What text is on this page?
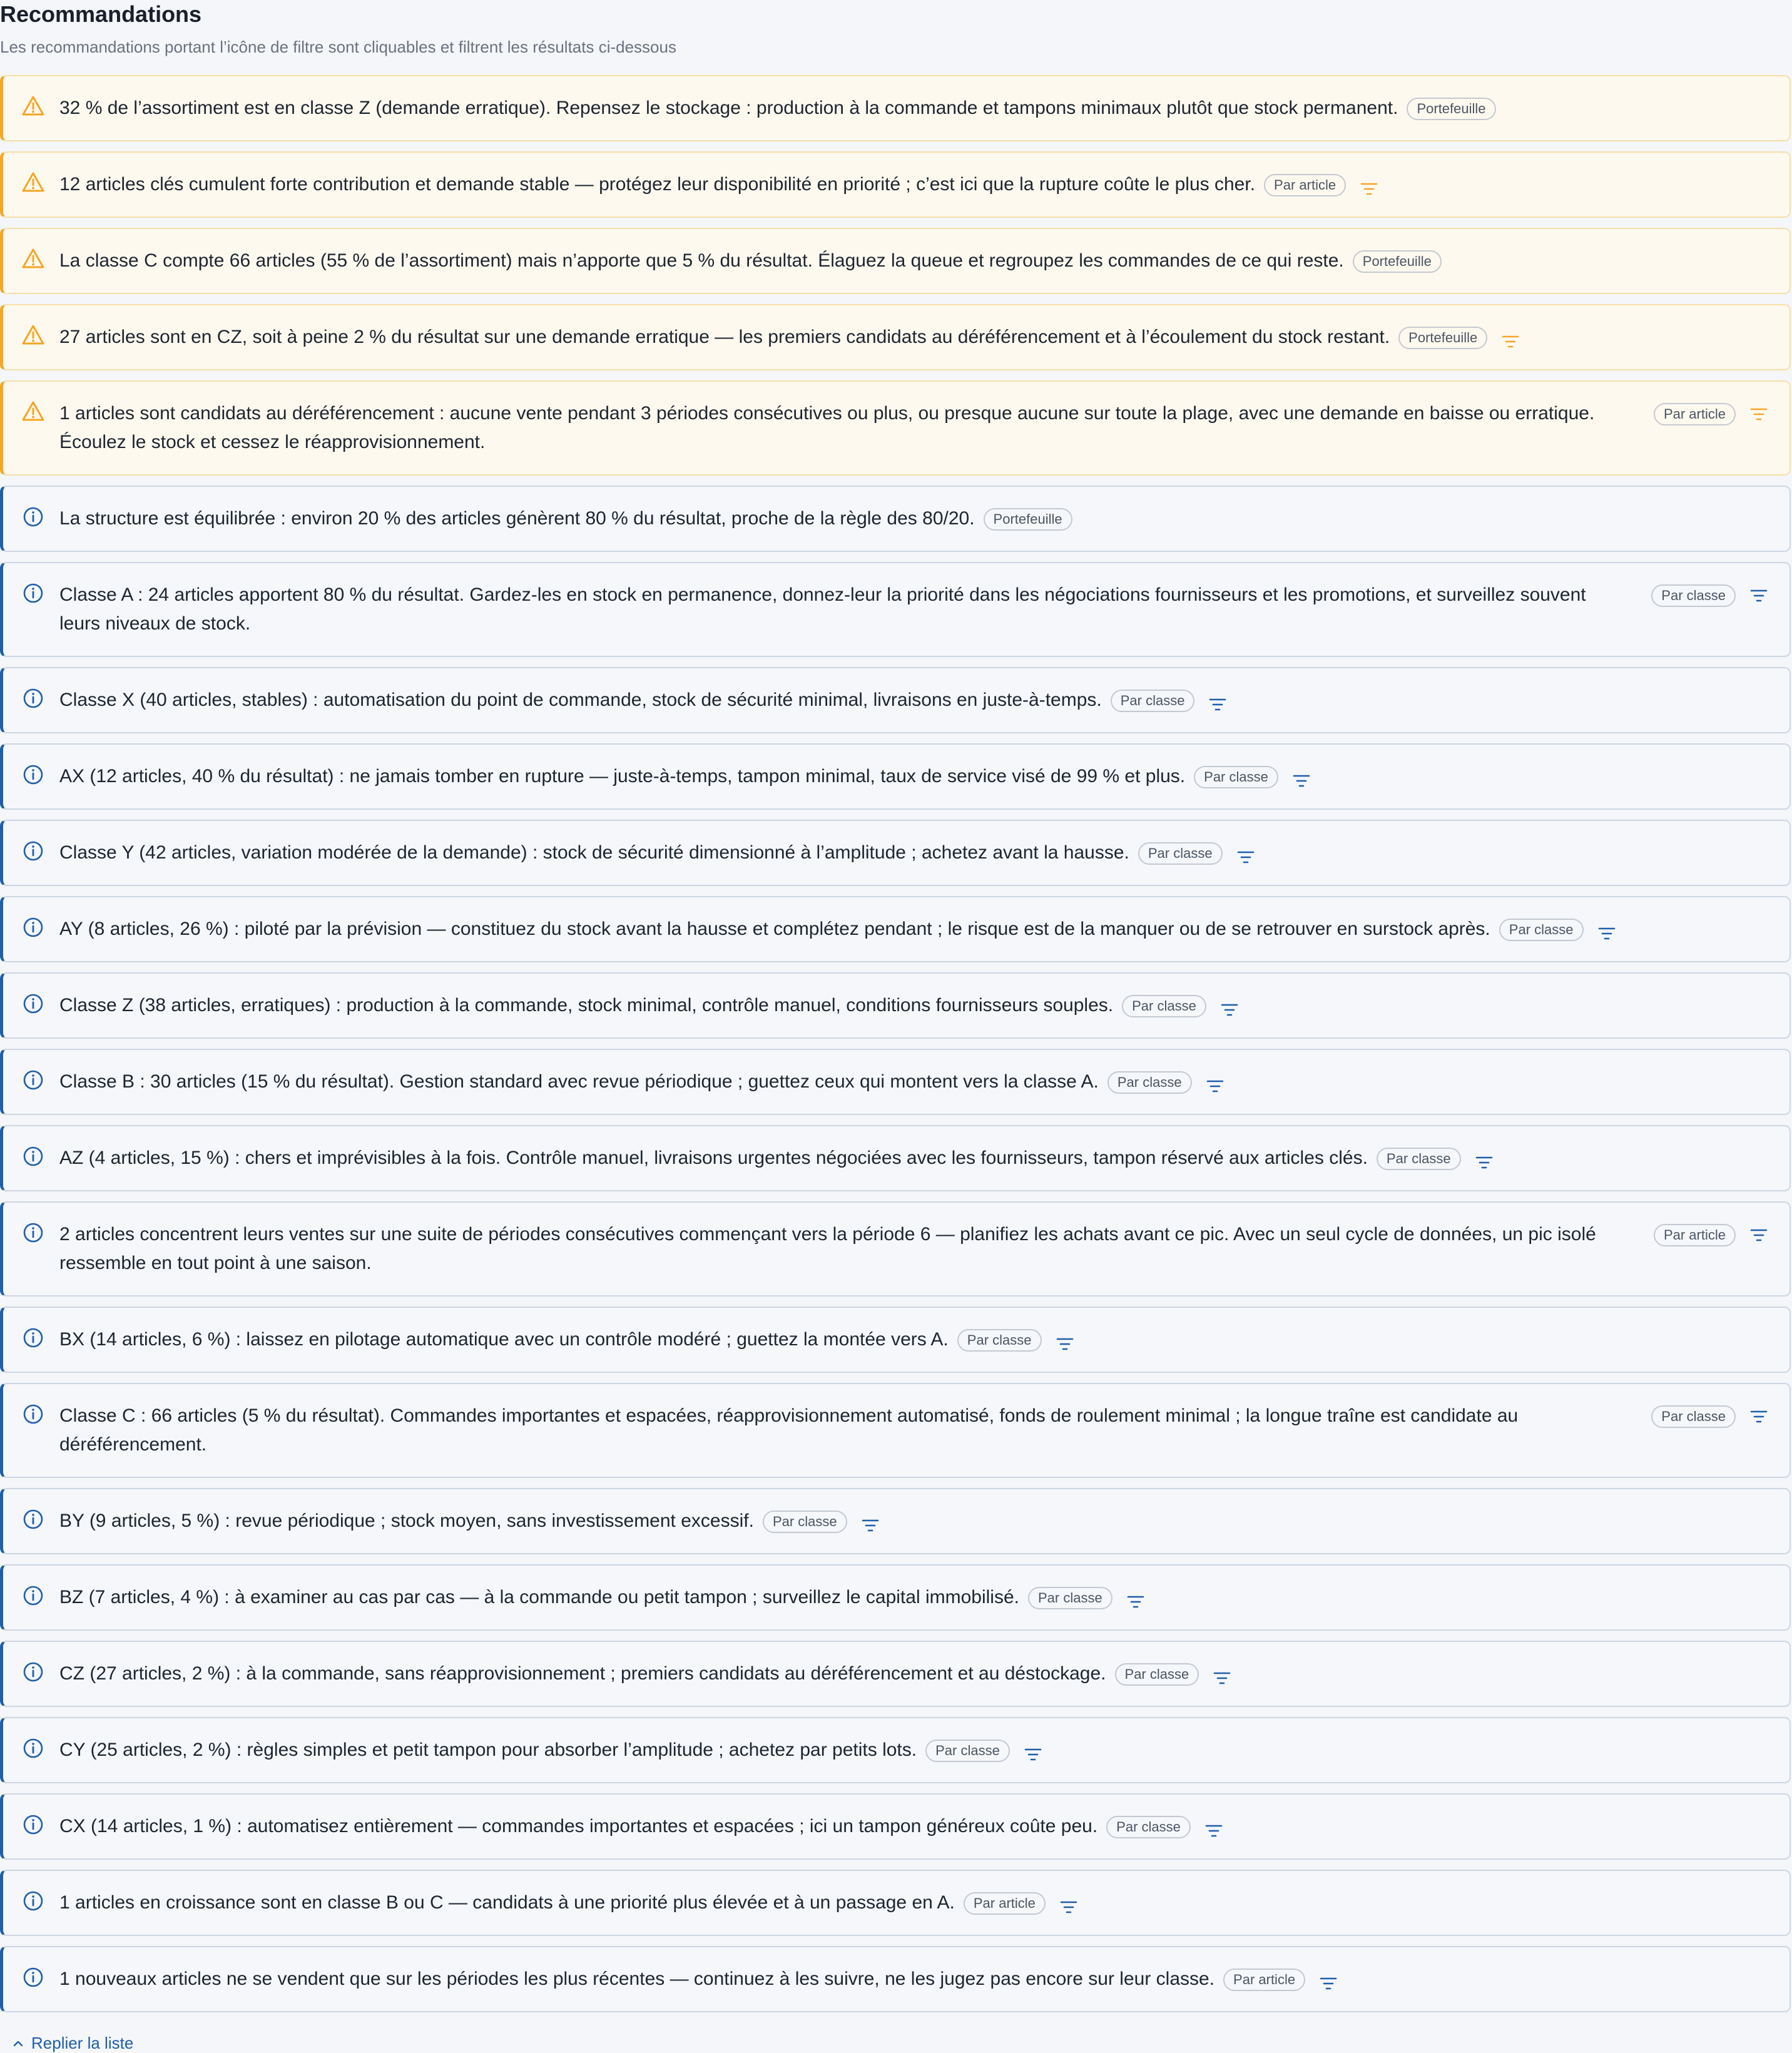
Recommandations
Les recommandations portant l’icône de filtre sont cliquables et filtrent les résultats ci-dessous
32 % de l’assortiment est en classe Z (demande erratique). Repensez le stockage : production à la commande et tampons minimaux plutôt que stock permanent.	Portefeuille
12 articles clés cumulent forte contribution et demande stable — protégez leur disponibilité en priorité ; c’est ici que la rupture coûte le plus cher.	Par article
La classe C compte 66 articles (55 % de l’assortiment) mais n’apporte que 5 % du résultat. Élaguez la queue et regroupez les commandes de ce qui reste.	Portefeuille
27 articles sont en CZ, soit à peine 2 % du résultat sur une demande erratique — les premiers candidats au déréférencement et à l’écoulement du stock restant.	Portefeuille
1 articles sont candidats au déréférencement : aucune vente pendant 3 périodes consécutives ou plus, ou presque aucune sur toute la plage, avec une demande en baisse ou erratique. Écoulez le stock et cessez le réapprovisionnement.
Par article
La structure est équilibrée : environ 20 % des articles génèrent 80 % du résultat, proche de la règle des 80/20.	Portefeuille
Classe A : 24 articles apportent 80 % du résultat. Gardez-les en stock en permanence, donnez-leur la priorité dans les négociations fournisseurs et les promotions, et surveillez souvent leurs niveaux de stock.
Par classe
Classe X (40 articles, stables) : automatisation du point de commande, stock de sécurité minimal, livraisons en juste-à-temps.	Par classe
AX (12 articles, 40 % du résultat) : ne jamais tomber en rupture — juste-à-temps, tampon minimal, taux de service visé de 99 % et plus.	Par classe
Classe Y (42 articles, variation modérée de la demande) : stock de sécurité dimensionné à l’amplitude ; achetez avant la hausse.	Par classe
AY (8 articles, 26 %) : piloté par la prévision — constituez du stock avant la hausse et complétez pendant ; le risque est de la manquer ou de se retrouver en surstock après.	Par classe
Classe Z (38 articles, erratiques) : production à la commande, stock minimal, contrôle manuel, conditions fournisseurs souples.	Par classe
Classe B : 30 articles (15 % du résultat). Gestion standard avec revue périodique ; guettez ceux qui montent vers la classe A.	Par classe
AZ (4 articles, 15 %) : chers et imprévisibles à la fois. Contrôle manuel, livraisons urgentes négociées avec les fournisseurs, tampon réservé aux articles clés.	Par classe
2 articles concentrent leurs ventes sur une suite de périodes consécutives commençant vers la période 6 — planifiez les achats avant ce pic. Avec un seul cycle de données, un pic isolé ressemble en tout point à une saison.
Par article
BX (14 articles, 6 %) : laissez en pilotage automatique avec un contrôle modéré ; guettez la montée vers A.	Par classe
Classe C : 66 articles (5 % du résultat). Commandes importantes et espacées, réapprovisionnement automatisé, fonds de roulement minimal ; la longue traîne est candidate au déréférencement.
Par classe
BY (9 articles, 5 %) : revue périodique ; stock moyen, sans investissement excessif.	Par classe
BZ (7 articles, 4 %) : à examiner au cas par cas — à la commande ou petit tampon ; surveillez le capital immobilisé.	Par classe
CZ (27 articles, 2 %) : à la commande, sans réapprovisionnement ; premiers candidats au déréférencement et au déstockage.	Par classe
CY (25 articles, 2 %) : règles simples et petit tampon pour absorber l’amplitude ; achetez par petits lots.	Par classe
CX (14 articles, 1 %) : automatisez entièrement — commandes importantes et espacées ; ici un tampon généreux coûte peu.	Par classe
1 articles en croissance sont en classe B ou C — candidats à une priorité plus élevée et à un passage en A.	Par article
1 nouveaux articles ne se vendent que sur les périodes les plus récentes — continuez à les suivre, ne les jugez pas encore sur leur classe.	Par article
Replier la liste
